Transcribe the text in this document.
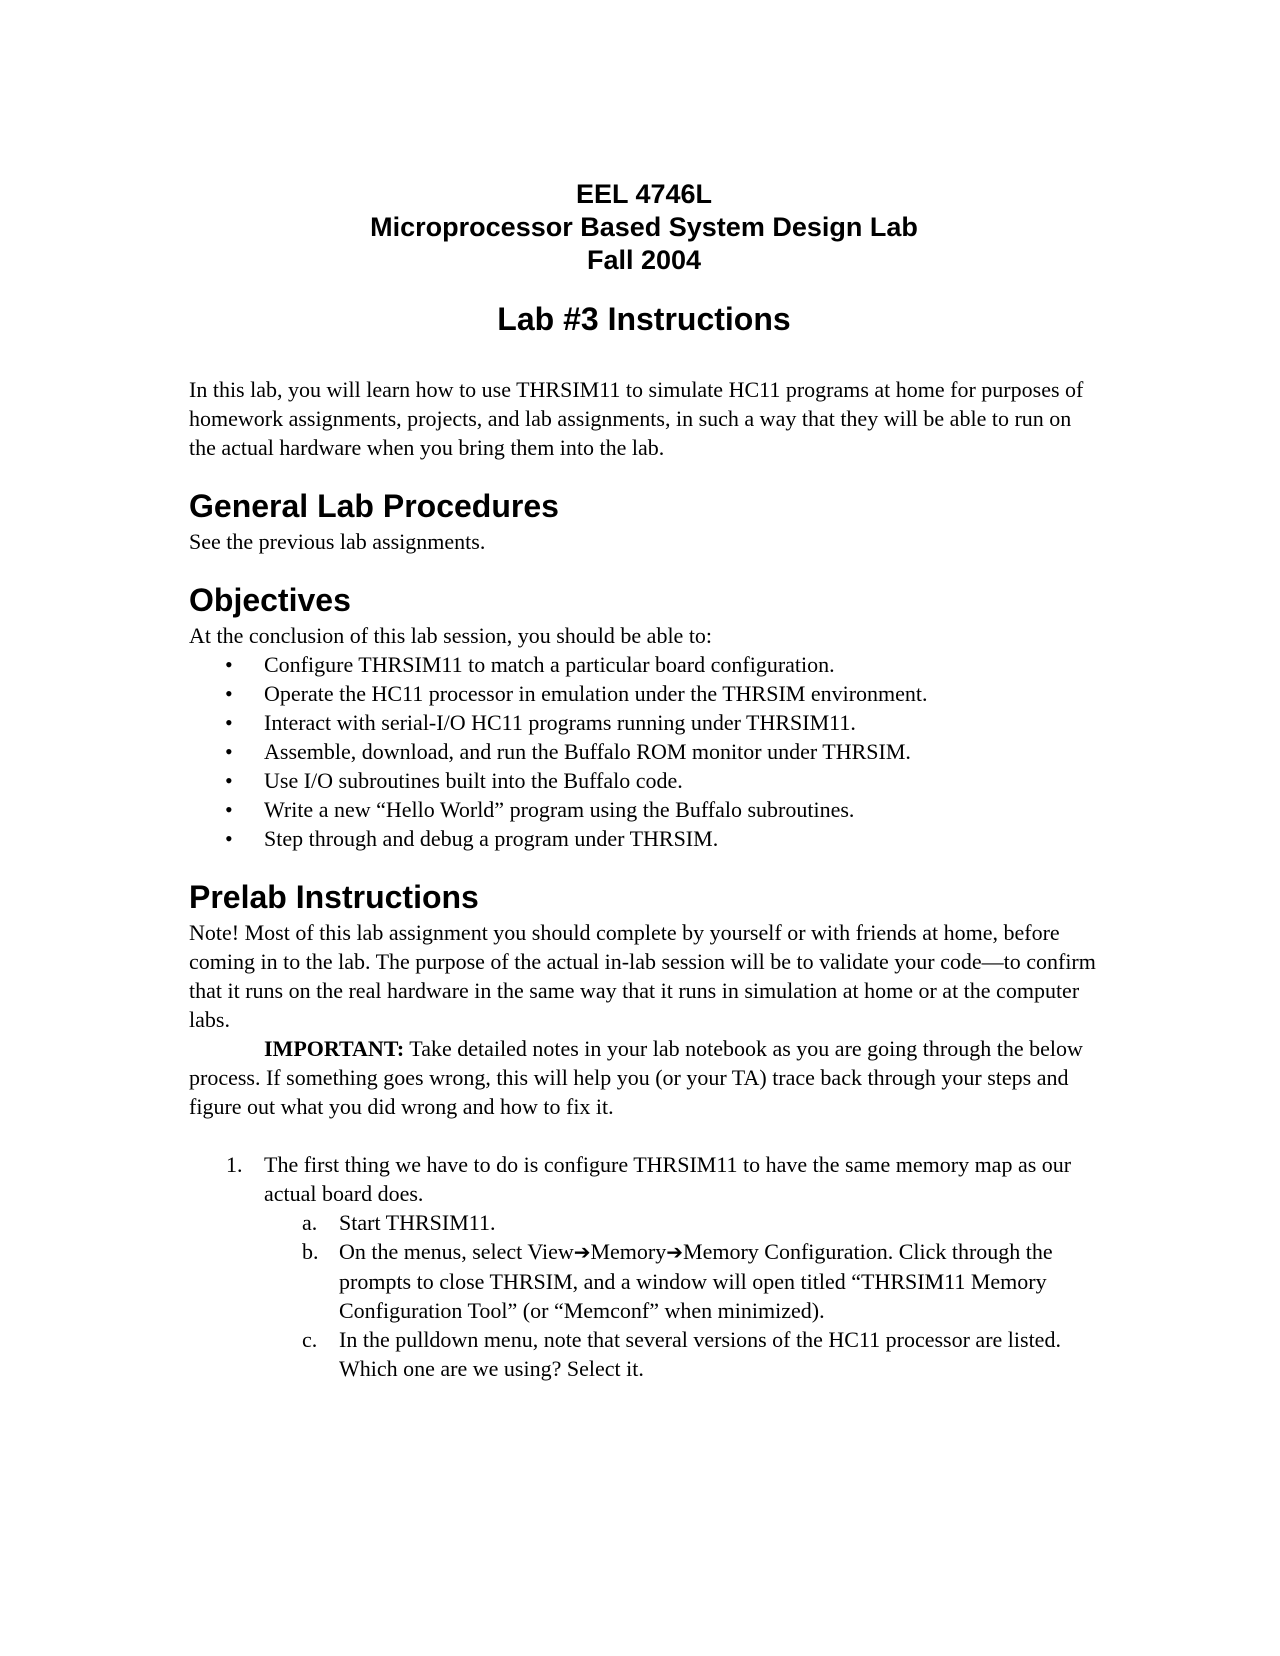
EEL 4746L
Microprocessor Based System Design Lab
Fall 2004
Lab #3 Instructions

In this lab, you will learn how to use THRSIM11 to simulate HC11 programs at home for purposes of homework assignments, projects, and lab assignments, in such a way that they will be able to run on the actual hardware when you bring them into the lab.

General Lab Procedures

See the previous lab assignments.

Objectives

At the conclusion of this lab session, you should be able to:

• Configure THRSIM11 to match a particular board configuration.
• Operate the HC11 processor in emulation under the THRSIM environment.
• Interact with serial-I/O HC11 programs running under THRSIM11.
• Assemble, download, and run the Buffalo ROM monitor under THRSIM.
• Use I/O subroutines built into the Buffalo code.
• Write a new “Hello World” program using the Buffalo subroutines.
• Step through and debug a program under THRSIM.
Prelab Instructions

Note! Most of this lab assignment you should complete by yourself or with friends at home, before coming in to the lab. The purpose of the actual in-lab session will be to validate your code—to confirm that it runs on the real hardware in the same way that it runs in simulation at home or at the computer labs.

IMPORTANT: Take detailed notes in your lab notebook as you are going through the below process. If something goes wrong, this will help you (or your TA) trace back through your steps and figure out what you did wrong and how to fix it.

1. The first thing we have to do is configure THRSIM11 to have the same memory map as our actual board does.
a. Start THRSIM11.
b. On the menus, select View➔Memory➔Memory Configuration. Click through the prompts to close THRSIM, and a window will open titled “THRSIM11 Memory Configuration Tool” (or “Memconf” when minimized).
c. In the pulldown menu, note that several versions of the HC11 processor are listed. Which one are we using? Select it.
